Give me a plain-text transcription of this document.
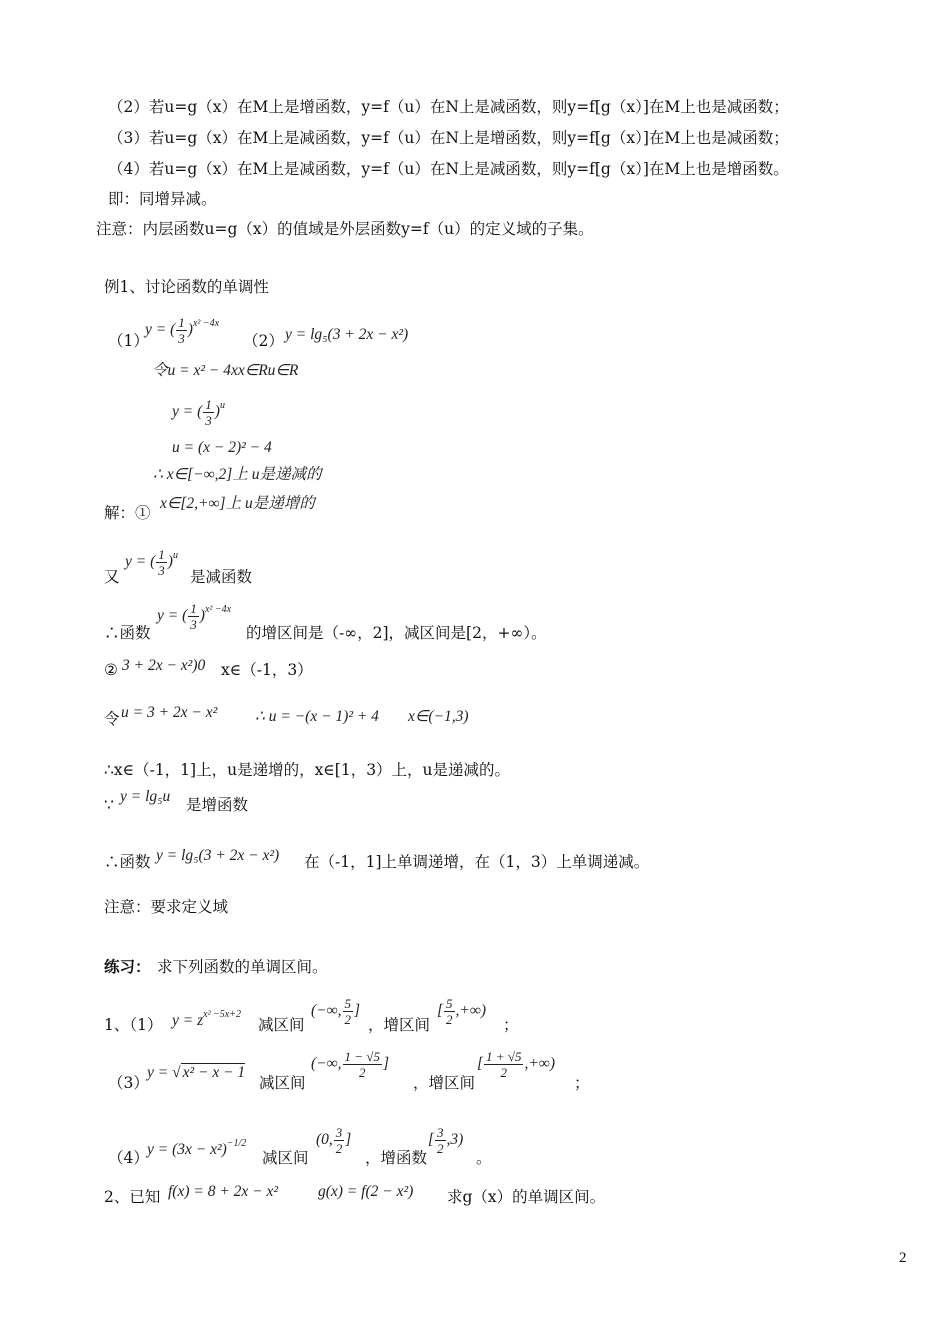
（2）若u=g（x）在M上是增函数，y=f（u）在N上是减函数，则y=f[g（x）]在M上也是减函数；
（3）若u=g（x）在M上是减函数，y=f（u）在N上是增函数，则y=f[g（x）]在M上也是减函数；
（4）若u=g（x）在M上是减函数，y=f（u）在N上是减函数，则y=f[g（x）]在M上也是增函数。
即：同增异减。
注意：内层函数u=g（x）的值域是外层函数y=f（u）的定义域的子集。
例1、讨论函数的单调性
（1）
y = ( $\frac{1}{3} )^{x^2 -4x}$
（2） y = lg₅(3 + 2x − x²)
令u = x² − 4xx∈Ru∈R
y = ( $\frac{1}{3} )^u$
u = (x − 2)² − 4
∴ x∈[−∞,2]上 u是递减的
解：①
x∈[2,+∞]上 u是递增的
又
y = ( $\frac{1}{3} )^u$
是减函数
∴函数
y = ( $\frac{1}{3} )^{x^2 -4x}$
的增区间是（-∞，2]，减区间是[2，+∞）。
② 3 + 2x − x²)0 x∈（-1，3）
令 u = 3 + 2x − x² ∴ u = −(x − 1)² + 4 x∈(−1,3)
∴x∈（-1，1]上，u是递增的，x∈[1，3）上，u是递减的。
∵ y = lg₅u 是增函数
∴函数 y = lg₅(3 + 2x − x²) 在（-1，1]上单调递增，在（1，3）上单调递减。
注意：要求定义域
练习： 求下列函数的单调区间。
1、（1） $y = z^{x^2 -5x+2}$
减区间
(−∞, $\frac{5}{2}$ ]
，增区间
[ $\frac{5}{2}$ ,+∞)
；
（3）
y = √ x² − x − 1
减区间
(−∞, $\frac{1 - √5}{2}$ ]
，增区间
[ $\frac{1 + √5}{2}$ ,+∞)
；
（4）
$y = (3x - x^2)^{-1/2}$
减区间
(0, $\frac{3}{2}$ ]
，增函数
[ $\frac{3}{2} ,3$)
。
2、已知 f(x) = 8 + 2x − x²	g(x) = f(2 − x²) 求g（x）的单调区间。
2
